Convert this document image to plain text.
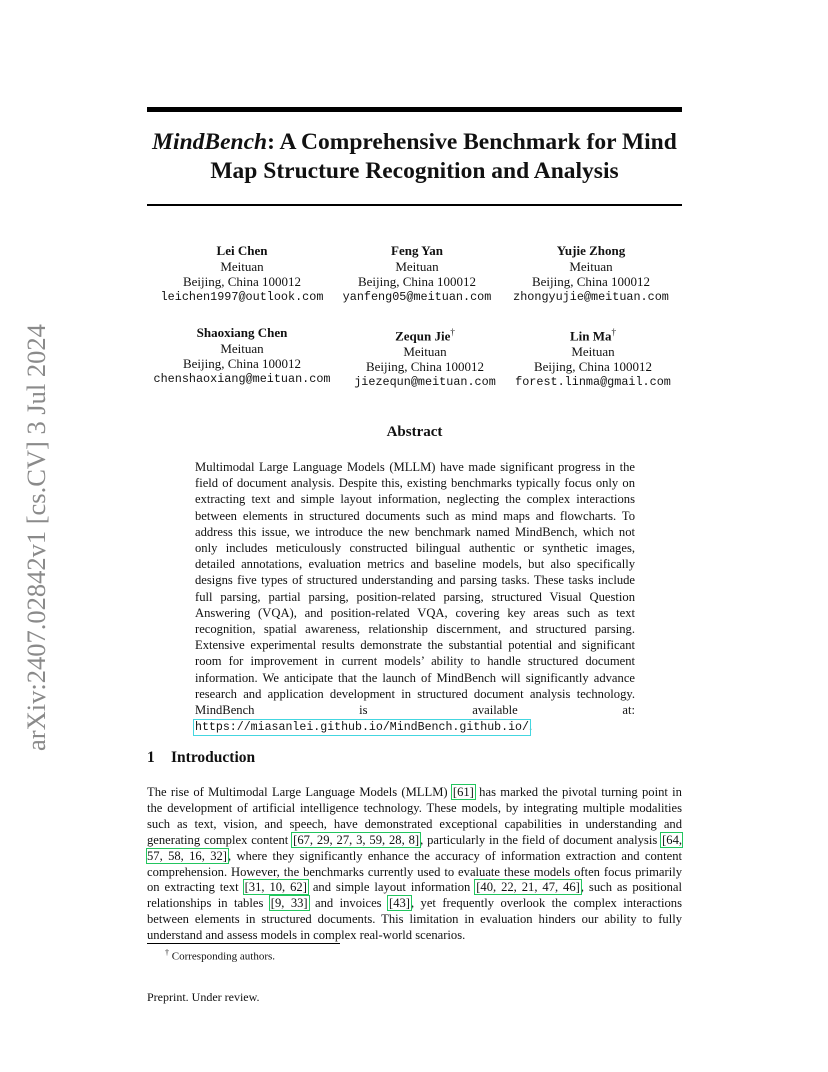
arXiv:2407.02842v1 [cs.CV] 3 Jul 2024
MindBench: A Comprehensive Benchmark for Mind
Map Structure Recognition and Analysis
Lei Chen
Meituan
Beijing, China 100012
leichen1997@outlook.com
Feng Yan
Meituan
Beijing, China 100012
yanfeng05@meituan.com
Yujie Zhong
Meituan
Beijing, China 100012
zhongyujie@meituan.com
Shaoxiang Chen
Meituan
Beijing, China 100012
chenshaoxiang@meituan.com
Zequn Jie†
Meituan
Beijing, China 100012
jiezequn@meituan.com
Lin Ma†
Meituan
Beijing, China 100012
forest.linma@gmail.com
Abstract

Multimodal Large Language Models (MLLM) have made significant progress in the field of document analysis. Despite this, existing benchmarks typically focus only on extracting text and simple layout information, neglecting the complex interactions between elements in structured documents such as mind maps and flowcharts. To address this issue, we introduce the new benchmark named MindBench, which not only includes meticulously constructed bilingual authentic or synthetic images, detailed annotations, evaluation metrics and baseline models, but also specifically designs five types of structured understanding and parsing tasks. These tasks include full parsing, partial parsing, position-related parsing, structured Visual Question Answering (VQA), and position-related VQA, covering key areas such as text recognition, spatial awareness, relationship discernment, and structured parsing. Extensive experimental results demonstrate the substantial potential and significant room for improvement in current models’ ability to handle structured document information. We anticipate that the launch of MindBench will significantly advance research and application development in structured document analysis technology. MindBench is available at: https://miasanlei.github.io/MindBench.github.io/.

1 Introduction

The rise of Multimodal Large Language Models (MLLM) [61] has marked the pivotal turning point in the development of artificial intelligence technology. These models, by integrating multiple modalities such as text, vision, and speech, have demonstrated exceptional capabilities in understanding and generating complex content [67, 29, 27, 3, 59, 28, 8], particularly in the field of document analysis [64, 57, 58, 16, 32], where they significantly enhance the accuracy of information extraction and content comprehension. However, the benchmarks currently used to evaluate these models often focus primarily on extracting text [31, 10, 62] and simple layout information [40, 22, 21, 47, 46], such as positional relationships in tables [9, 33] and invoices [43], yet frequently overlook the complex interactions between elements in structured documents. This limitation in evaluation hinders our ability to fully understand and assess models in complex real-world scenarios.

† Corresponding authors.

Preprint. Under review.
